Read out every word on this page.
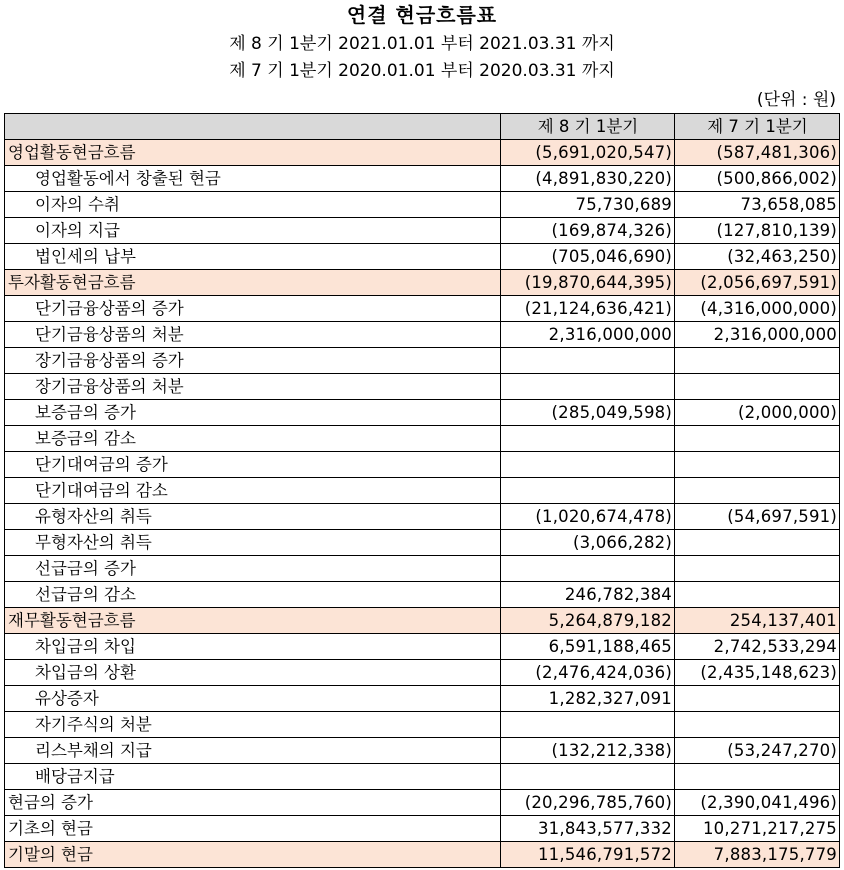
연결 현금흐름표
제 8 기 1분기 2021.01.01 부터 2021.03.31 까지
제 7 기 1분기 2020.01.01 부터 2020.03.31 까지
(단위 : 원)
	제 8 기 1분기	제 7 기 1분기
영업활동현금흐름	(5,691,020,547)	(587,481,306)
영업활동에서 창출된 현금	(4,891,830,220)	(500,866,002)
이자의 수취	75,730,689	73,658,085
이자의 지급	(169,874,326)	(127,810,139)
법인세의 납부	(705,046,690)	(32,463,250)
투자활동현금흐름	(19,870,644,395)	(2,056,697,591)
단기금융상품의 증가	(21,124,636,421)	(4,316,000,000)
단기금융상품의 처분	2,316,000,000	2,316,000,000
장기금융상품의 증가		
장기금융상품의 처분		
보증금의 증가	(285,049,598)	(2,000,000)
보증금의 감소		
단기대여금의 증가		
단기대여금의 감소		
유형자산의 취득	(1,020,674,478)	(54,697,591)
무형자산의 취득	(3,066,282)	
선급금의 증가		
선급금의 감소	246,782,384	
재무활동현금흐름	5,264,879,182	254,137,401
차입금의 차입	6,591,188,465	2,742,533,294
차입금의 상환	(2,476,424,036)	(2,435,148,623)
유상증자	1,282,327,091	
자기주식의 처분		
리스부채의 지급	(132,212,338)	(53,247,270)
배당금지급		
현금의 증가	(20,296,785,760)	(2,390,041,496)
기초의 현금	31,843,577,332	10,271,217,275
기말의 현금	11,546,791,572	7,883,175,779
